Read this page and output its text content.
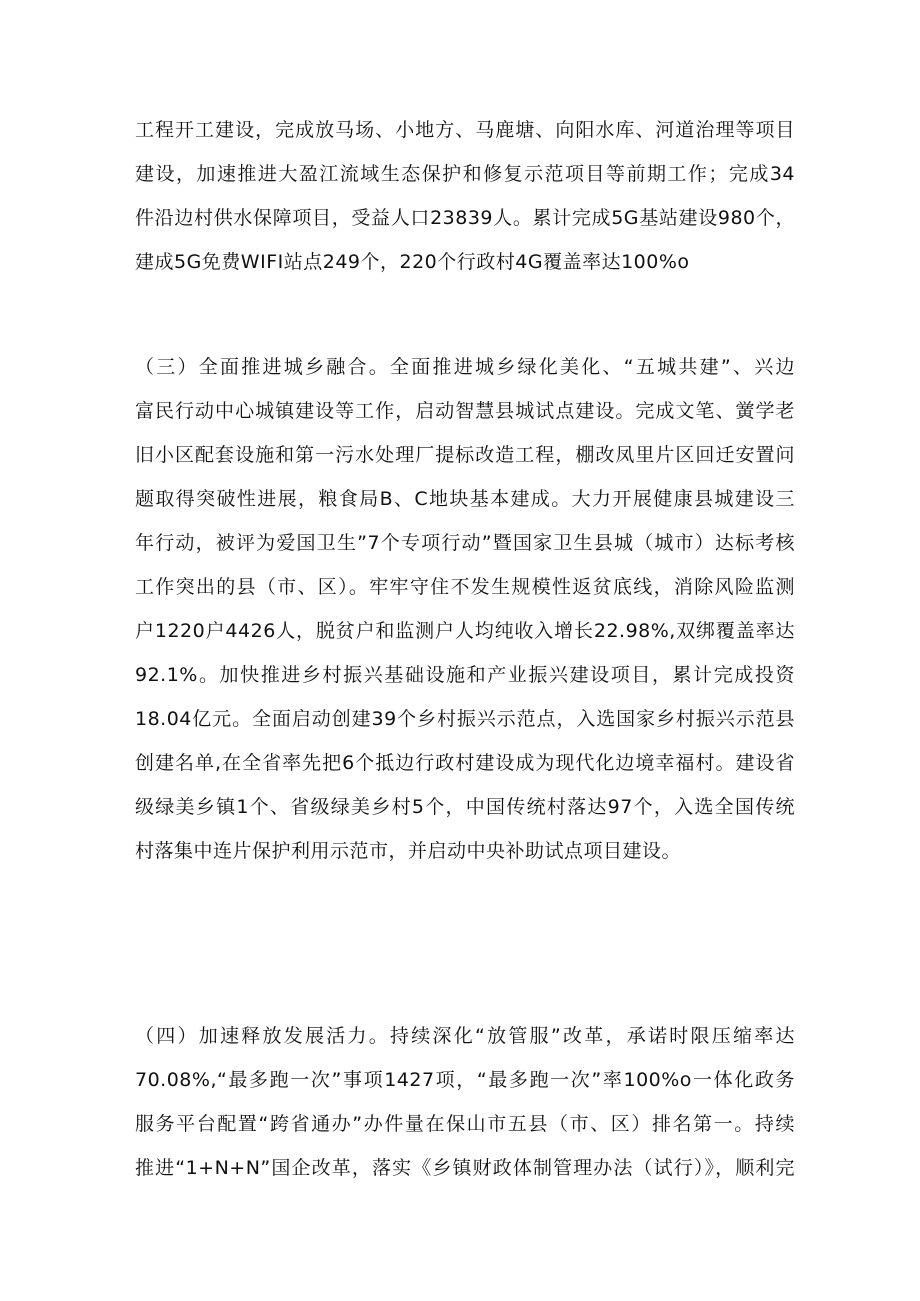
工程开工建设，完成放马场、小地方、马鹿塘、向阳水库、河道治理等项目
建设，加速推进大盈江流域生态保护和修复示范项目等前期工作；完成34
件沿边村供水保障项目，受益人口23839人。累计完成5G基站建设980个，
建成5G免费WIFI站点249个，220个行政村4G覆盖率达100%o
（三）全面推进城乡融合。全面推进城乡绿化美化、“五城共建”、兴边
富民行动中心城镇建设等工作，启动智慧县城试点建设。完成文笔、黉学老
旧小区配套设施和第一污水处理厂提标改造工程，棚改凤里片区回迁安置问
题取得突破性进展，粮食局B、C地块基本建成。大力开展健康县城建设三
年行动，被评为爱国卫生”7个专项行动”暨国家卫生县城（城市）达标考核
工作突出的县（市、区）。牢牢守住不发生规模性返贫底线，消除风险监测
户1220户4426人，脱贫户和监测户人均纯收入增长22.98%,双绑覆盖率达
92.1%。加快推进乡村振兴基础设施和产业振兴建设项目，累计完成投资
18.04亿元。全面启动创建39个乡村振兴示范点，入选国家乡村振兴示范县
创建名单,在全省率先把6个抵边行政村建设成为现代化边境幸福村。建设省
级绿美乡镇1个、省级绿美乡村5个，中国传统村落达97个，入选全国传统
村落集中连片保护利用示范市，并启动中央补助试点项目建设。
（四）加速释放发展活力。持续深化“放管服”改革，承诺时限压缩率达
70.08%,“最多跑一次”事项1427项，“最多跑一次”率100%o一体化政务
服务平台配置“跨省通办”办件量在保山市五县（市、区）排名第一。持续
推进“1+N+N”国企改革，落实《乡镇财政体制管理办法（试行）》，顺利完
